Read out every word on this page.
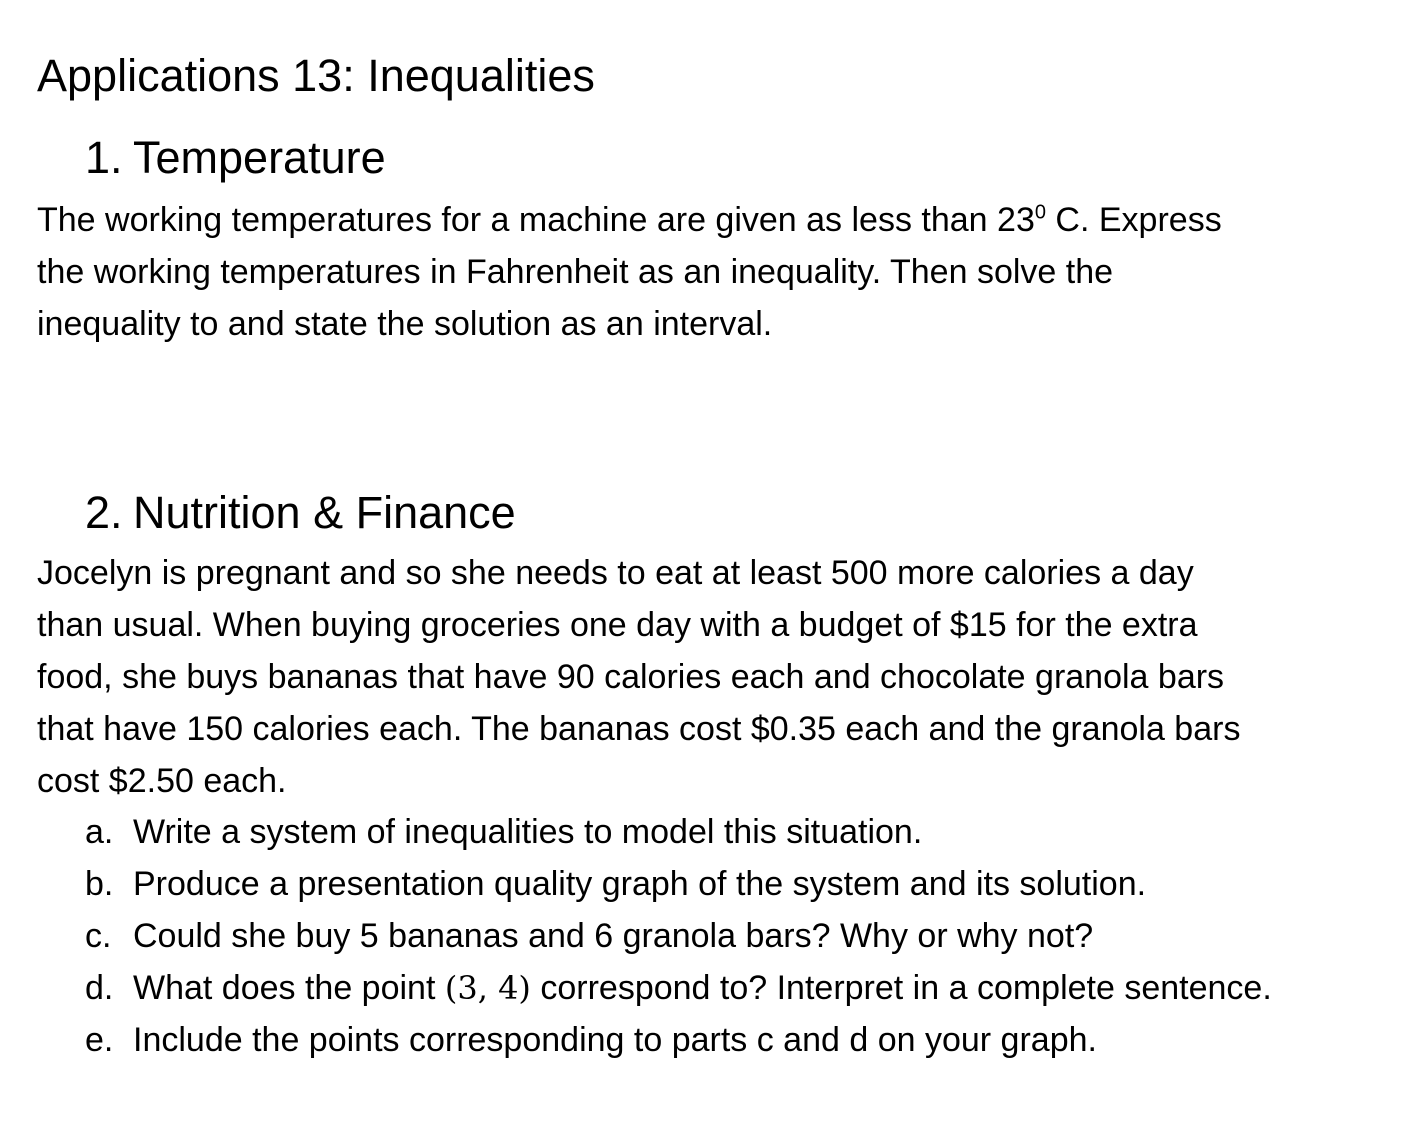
Applications 13: Inequalities
1. Temperature

The working temperatures for a machine are given as less than $23^0$ C. Express
the working temperatures in Fahrenheit as an inequality. Then solve the
inequality to and state the solution as an interval.

2. Nutrition & Finance

Jocelyn is pregnant and so she needs to eat at least 500 more calories a day
than usual. When buying groceries one day with a budget of $15 for the extra
food, she buys bananas that have 90 calories each and chocolate granola bars
that have 150 calories each. The bananas cost $0.35 each and the granola bars
cost $2.50 each.

a. Write a system of inequalities to model this situation.
b. Produce a presentation quality graph of the system and its solution.
c. Could she buy 5 bananas and 6 granola bars? Why or why not?
d. What does the point (3, 4) correspond to? Interpret in a complete sentence.
e. Include the points corresponding to parts c and d on your graph.
